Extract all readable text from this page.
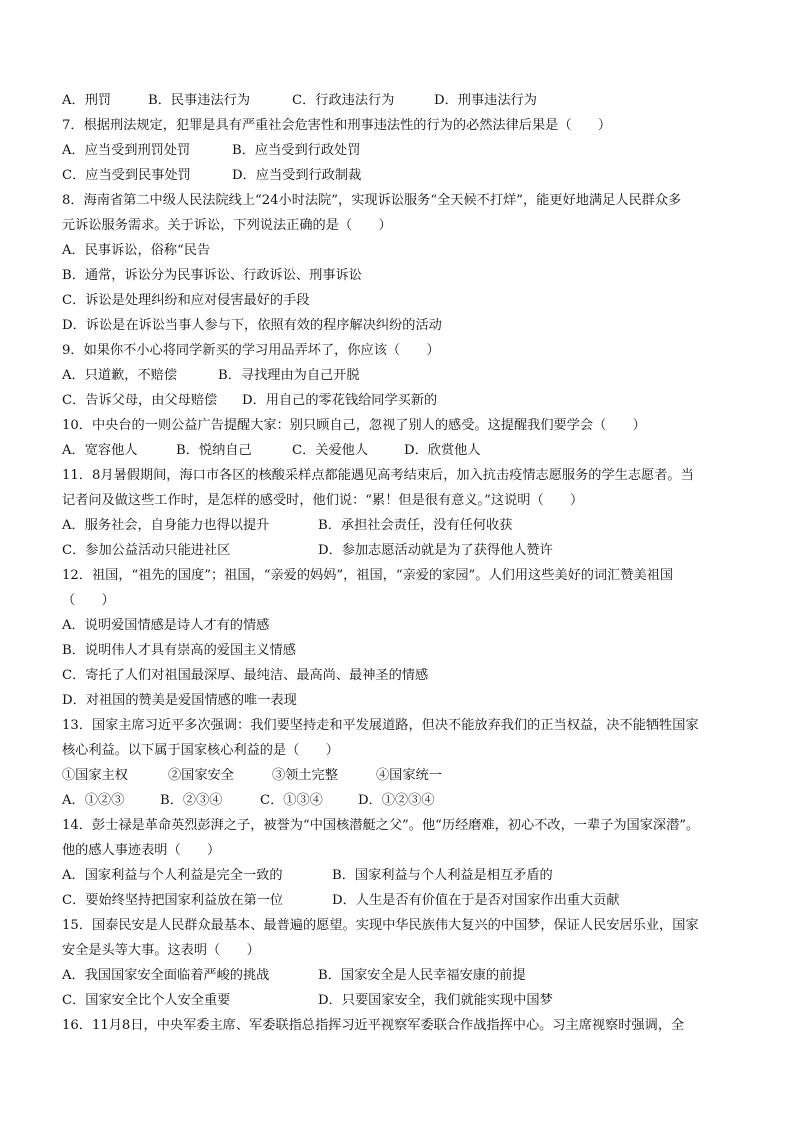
A．刑罚	B．民事违法行为	C．行政违法行为	D．刑事违法行为
7．根据刑法规定，犯罪是具有严重社会危害性和刑事违法性的行为的必然法律后果是（　　）
A．应当受到刑罚处罚	B．应当受到行政处罚
C．应当受到民事处罚	D．应当受到行政制裁
8．海南省第二中级人民法院线上“24小时法院”，实现诉讼服务“全天候不打烊”，能更好地满足人民群众多
元诉讼服务需求。关于诉讼，下列说法正确的是（　　）
A．民事诉讼，俗称“民告
B．通常，诉讼分为民事诉讼、行政诉讼、刑事诉讼
C．诉讼是处理纠纷和应对侵害最好的手段
D．诉讼是在诉讼当事人参与下，依照有效的程序解决纠纷的活动
9．如果你不小心将同学新买的学习用品弄坏了，你应该（　　）
A．只道歉，不赔偿	B．寻找理由为自己开脱
C．告诉父母，由父母赔偿 D．用自己的零花钱给同学买新的
10．中央台的一则公益广告提醒大家：别只顾自己，忽视了别人的感受。这提醒我们要学会（　　）
A．宽容他人	B．悦纳自己	C．关爱他人	D．欣赏他人
11．8月暑假期间，海口市各区的核酸采样点都能遇见高考结束后，加入抗击疫情志愿服务的学生志愿者。当
记者问及做这些工作时，是怎样的感受时，他们说：“累！但是很有意义。”这说明（　　）
A．服务社会，自身能力也得以提升	B．承担社会责任，没有任何收获
C．参加公益活动只能进社区	D．参加志愿活动就是为了获得他人赞许
12．祖国，“祖先的国度”；祖国，“亲爱的妈妈”，祖国，“亲爱的家园”。人们用这些美好的词汇赞美祖国
（　　）
A．说明爱国情感是诗人才有的情感
B．说明伟人才具有崇高的爱国主义情感
C．寄托了人们对祖国最深厚、最纯洁、最高尚、最神圣的情感
D．对祖国的赞美是爱国情感的唯一表现
13．国家主席习近平多次强调：我们要坚持走和平发展道路，但决不能放弃我们的正当权益，决不能牺牲国家
核心利益。以下属于国家核心利益的是（　　）
①国家主权	②国家安全	③领土完整	④国家统一
A．①②③	B．②③④	C．①③④	D．①②③④
14．彭士禄是革命英烈彭湃之子，被誉为“中国核潜艇之父”。他“历经磨难，初心不改，一辈子为国家深潜”。
他的感人事迹表明（　　）
A．国家利益与个人利益是完全一致的	B．国家利益与个人利益是相互矛盾的
C．要始终坚持把国家利益放在第一位	D．人生是否有价值在于是否对国家作出重大贡献
15．国泰民安是人民群众最基本、最普遍的愿望。实现中华民族伟大复兴的中国梦，保证人民安居乐业，国家
安全是头等大事。这表明（　　）
A．我国国家安全面临着严峻的挑战	B．国家安全是人民幸福安康的前提
C．国家安全比个人安全重要	D．只要国家安全，我们就能实现中国梦
16．11月8日，中央军委主席、军委联指总指挥习近平视察军委联合作战指挥中心。习主席视察时强调，全
